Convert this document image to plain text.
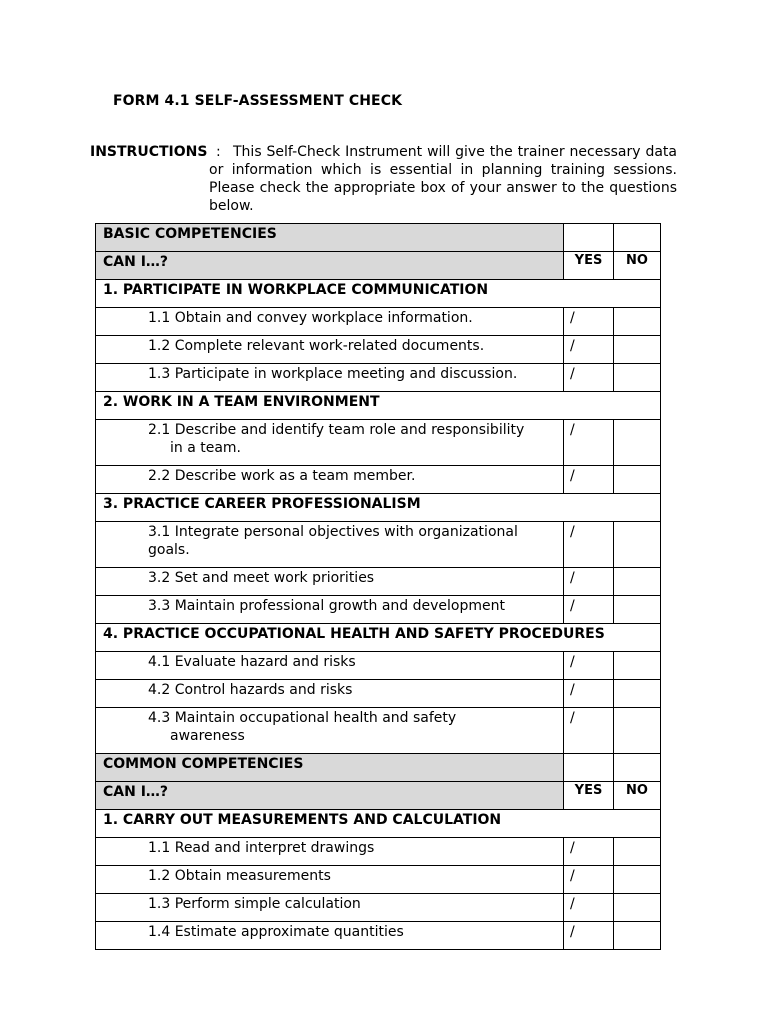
FORM 4.1 SELF-ASSESSMENT CHECK
INSTRUCTIONS : This Self-Check Instrument will give the trainer necessary data or information which is essential in planning training sessions. Please check the appropriate box of your answer to the questions below.
BASIC COMPETENCIES		
CAN I…?	YES	NO
1. PARTICIPATE IN WORKPLACE COMMUNICATION		

1.1 Obtain and convey workplace information.	/	

1.2 Complete relevant work-related documents.	/	

1.3 Participate in workplace meeting and discussion.	/	
2. WORK IN A TEAM ENVIRONMENT		

2.1 Describe and identify team role and responsibility
in a team.	/	

2.2 Describe work as a team member.	/	
3. PRACTICE CAREER PROFESSIONALISM		

3.1 Integrate personal objectives with organizational
goals.	/	

3.2 Set and meet work priorities	/	

3.3 Maintain professional growth and development	/	
4. PRACTICE OCCUPATIONAL HEALTH AND SAFETY PROCEDURES		

4.1 Evaluate hazard and risks	/	

4.2 Control hazards and risks	/	

4.3 Maintain occupational health and safety
awareness	/	
COMMON COMPETENCIES		
CAN I…?	YES	NO
1. CARRY OUT MEASUREMENTS AND CALCULATION		

1.1 Read and interpret drawings	/	

1.2 Obtain measurements	/	

1.3 Perform simple calculation	/	

1.4 Estimate approximate quantities	/	
